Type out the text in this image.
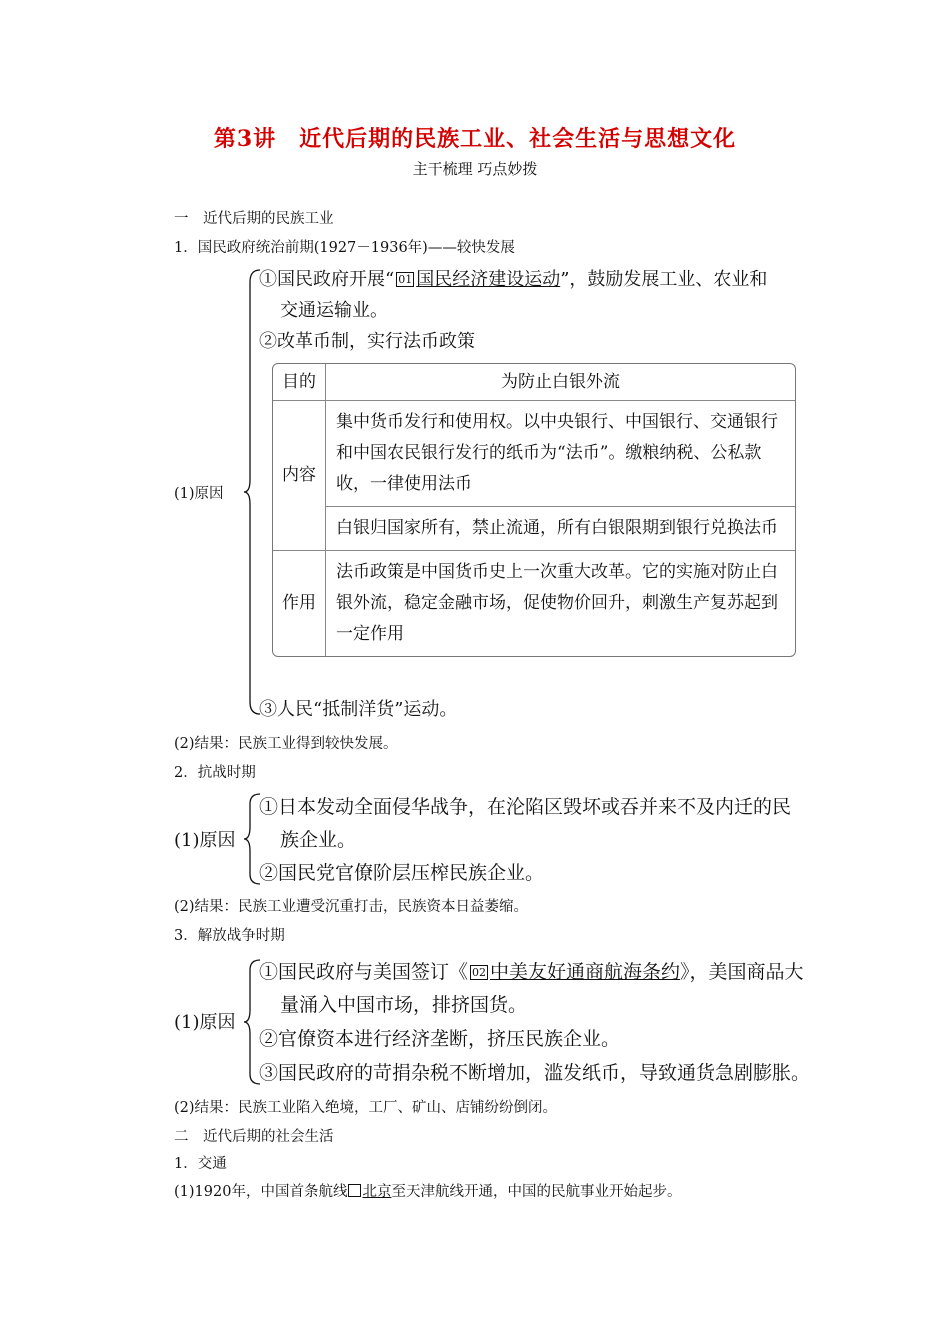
第3讲　近代后期的民族工业、社会生活与思想文化
主干梳理 巧点妙拨
一　近代后期的民族工业
1．国民政府统治前期(1927－1936年)——较快发展
(1)原因
①国民政府开展“ 01 国民经济建设运动”，鼓励发展工业、农业和
交通运输业。
②改革币制，实行法币政策
目的	为防止白银外流
内容	集中货币发行和使用权。以中央银行、中国银行、交通银行和中国农民银行发行的纸币为“法币”。缴粮纳税、公私款收，一律使用法币
	白银归国家所有，禁止流通，所有白银限期到银行兑换法币
作用	法币政策是中国货币史上一次重大改革。它的实施对防止白银外流，稳定金融市场，促使物价回升，刺激生产复苏起到一定作用
③人民“抵制洋货”运动。
(2)结果：民族工业得到较快发展。
2．抗战时期
(1)原因
①日本发动全面侵华战争，在沦陷区毁坏或吞并来不及内迁的民
族企业。
②国民党官僚阶层压榨民族企业。
(2)结果：民族工业遭受沉重打击，民族资本日益萎缩。
3．解放战争时期
(1)原因
①国民政府与美国签订《 02 中美友好通商航海条约》，美国商品大
量涌入中国市场，排挤国货。
②官僚资本进行经济垄断，挤压民族企业。
③国民政府的苛捐杂税不断增加，滥发纸币，导致通货急剧膨胀。
(2)结果：民族工业陷入绝境，工厂、矿山、店铺纷纷倒闭。
二　近代后期的社会生活
1．交通
(1)1920年，中国首条航线 北京至天津航线开通，中国的民航事业开始起步。
